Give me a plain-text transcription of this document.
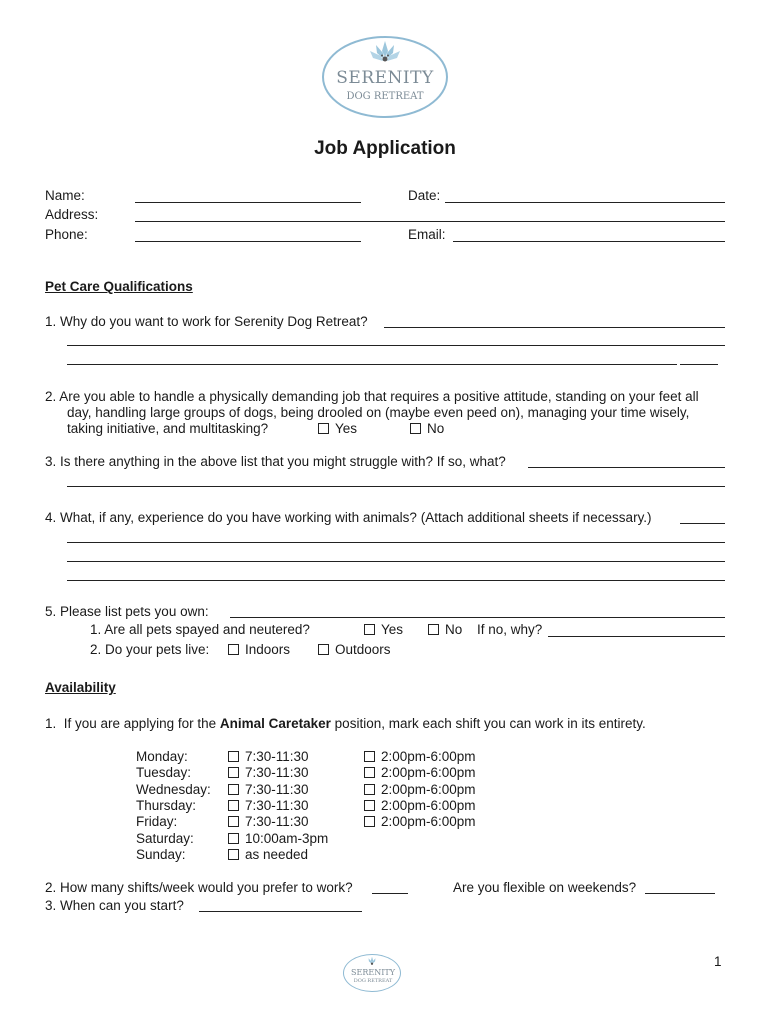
SERENITY
DOG RETREAT
Job Application
Name:	Date:
Address:
Phone:	Email:
Pet Care Qualifications
1. Why do you want to work for Serenity Dog Retreat?
2. Are you able to handle a physically demanding job that requires a positive attitude, standing on your feet all
day, handling large groups of dogs, being drooled on (maybe even peed on), managing your time wisely,
taking initiative, and multitasking?	Yes	No
3. Is there anything in the above list that you might struggle with? If so, what?
4. What, if any, experience do you have working with animals? (Attach additional sheets if necessary.)
5. Please list pets you own:
1. Are all pets spayed and neutered?	Yes	No If no, why?
2. Do your pets live:	Indoors	Outdoors
Availability
1.  If you are applying for the Animal Caretaker position, mark each shift you can work in its entirety.
Monday:	7:30-11:30	2:00pm-6:00pm
Tuesday:	7:30-11:30	2:00pm-6:00pm
Wednesday:	7:30-11:30	2:00pm-6:00pm
Thursday:	7:30-11:30	2:00pm-6:00pm
Friday:	7:30-11:30	2:00pm-6:00pm
Saturday:	10:00am-3pm
Sunday:	as needed
2. How many shifts/week would you prefer to work?	Are you flexible on weekends?
3. When can you start?
1
SERENITY
DOG RETREAT
